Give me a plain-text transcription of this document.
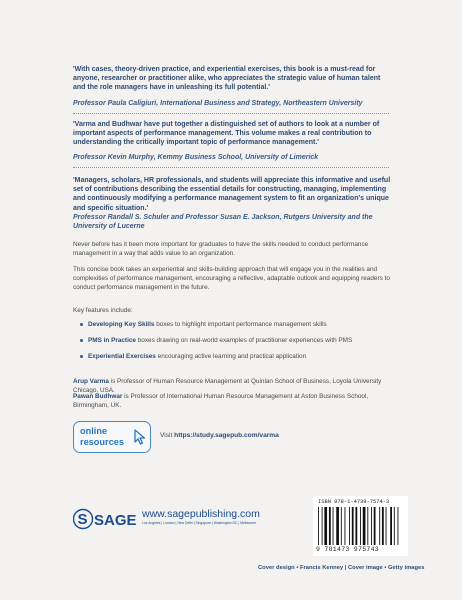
'With cases, theory-driven practice, and experiential exercises, this book is a must-read for anyone, researcher or practitioner alike, who appreciates the strategic value of human talent and the role managers have in unleashing its full potential.'
Professor Paula Caligiuri, International Business and Strategy, Northeastern University
'Varma and Budhwar have put together a distinguished set of authors to look at a number of important aspects of performance management. This volume makes a real contribution to understanding the critically important topic of performance management.'
Professor Kevin Murphy, Kemmy Business School, University of Limerick
'Managers, scholars, HR professionals, and students will appreciate this informative and useful set of contributions describing the essential details for constructing, managing, implementing and continuously modifying a performance management system to fit an organization's unique and specific situation.'
Professor Randall S. Schuler and Professor Susan E. Jackson, Rutgers University and the University of Lucerne
Never before has it been more important for graduates to have the skills needed to conduct performance management in a way that adds value to an organization.
This concise book takes an experiential and skills-building approach that will engage you in the realities and complexities of performance management, encouraging a reflective, adaptable outlook and equipping readers to conduct performance management in the future.
Key features include:
Developing Key Skills boxes to highlight important performance management skills
PMS in Practice boxes drawing on real-world examples of practitioner experiences with PMS
Experiential Exercises encouraging active learning and practical application
Arup Varma is Professor of Human Resource Management at Quinlan School of Business, Loyola University Chicago, USA.
Pawan Budhwar is Professor of International Human Resource Management at Aston Business School, Birmingham, UK.
online
resources
Visit https://study.sagepub.com/varma
S SAGE www.sagepublishing.com
Los Angeles | London | New Delhi | Singapore | Washington DC | Melbourne
ISBN 978-1-4739-7574-3
9 781473 975743
Cover design • Francis Kenney | Cover image • Getty images
